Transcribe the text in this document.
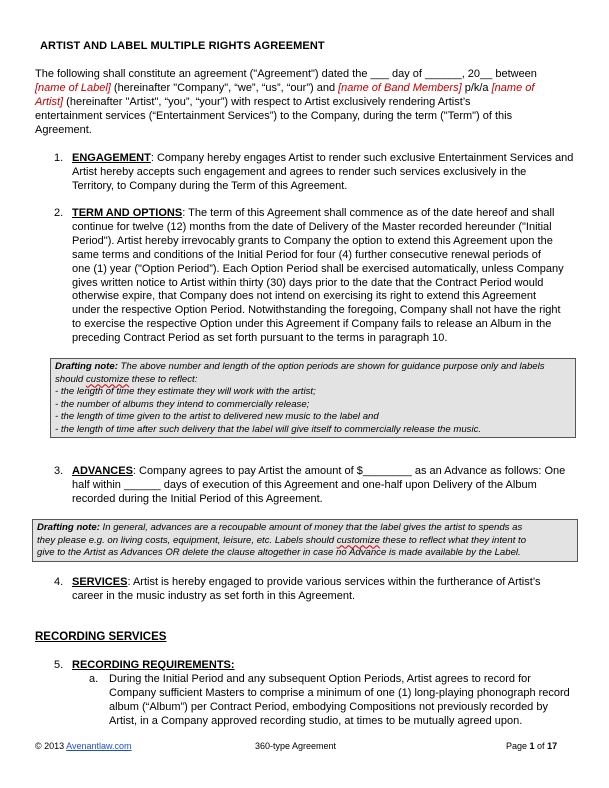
ARTIST AND LABEL MULTIPLE RIGHTS AGREEMENT
The following shall constitute an agreement ("Agreement") dated the ___ day of ______, 20__ between
[name of Label] (hereinafter "Company", “we”, “us”, “our”) and [name of Band Members] p/k/a [name of
Artist] (hereinafter "Artist", “you”, “your”) with respect to Artist exclusively rendering Artist’s
entertainment services (“Entertainment Services”) to the Company, during the term ("Term") of this
Agreement.
1. ENGAGEMENT: Company hereby engages Artist to render such exclusive Entertainment Services and
Artist hereby accepts such engagement and agrees to render such services exclusively in the
Territory, to Company during the Term of this Agreement.
2. TERM AND OPTIONS: The term of this Agreement shall commence as of the date hereof and shall
continue for twelve (12) months from the date of Delivery of the Master recorded hereunder ("Initial
Period"). Artist hereby irrevocably grants to Company the option to extend this Agreement upon the
same terms and conditions of the Initial Period for four (4) further consecutive renewal periods of
one (1) year ("Option Period”). Each Option Period shall be exercised automatically, unless Company
gives written notice to Artist within thirty (30) days prior to the date that the Contract Period would
otherwise expire, that Company does not intend on exercising its right to extend this Agreement
under the respective Option Period. Notwithstanding the foregoing, Company shall not have the right
to exercise the respective Option under this Agreement if Company fails to release an Album in the
preceding Contract Period as set forth pursuant to the terms in paragraph 10.
Drafting note: The above number and length of the option periods are shown for guidance purpose only and labels
should customize these to reflect:
- the length of time they estimate they will work with the artist;
- the number of albums they intend to commercially release;
- the length of time given to the artist to delivered new music to the label and
- the length of time after such delivery that the label will give itself to commercially release the music.
3. ADVANCES: Company agrees to pay Artist the amount of $________ as an Advance as follows: One
half within ______ days of execution of this Agreement and one-half upon Delivery of the Album
recorded during the Initial Period of this Agreement.
Drafting note: In general, advances are a recoupable amount of money that the label gives the artist to spends as
they please e.g. on living costs, equipment, leisure, etc. Labels should customize these to reflect what they intent to
give to the Artist as Advances OR delete the clause altogether in case no Advance is made available by the Label.
4. SERVICES: Artist is hereby engaged to provide various services within the furtherance of Artist’s
career in the music industry as set forth in this Agreement.
RECORDING SERVICES
5. RECORDING REQUIREMENTS:
a. During the Initial Period and any subsequent Option Periods, Artist agrees to record for
Company sufficient Masters to comprise a minimum of one (1) long-playing phonograph record
album (“Album”) per Contract Period, embodying Compositions not previously recorded by
Artist, in a Company approved recording studio, at times to be mutually agreed upon.
© 2013 Avenantlaw.com	360-type Agreement	Page 1 of 17
